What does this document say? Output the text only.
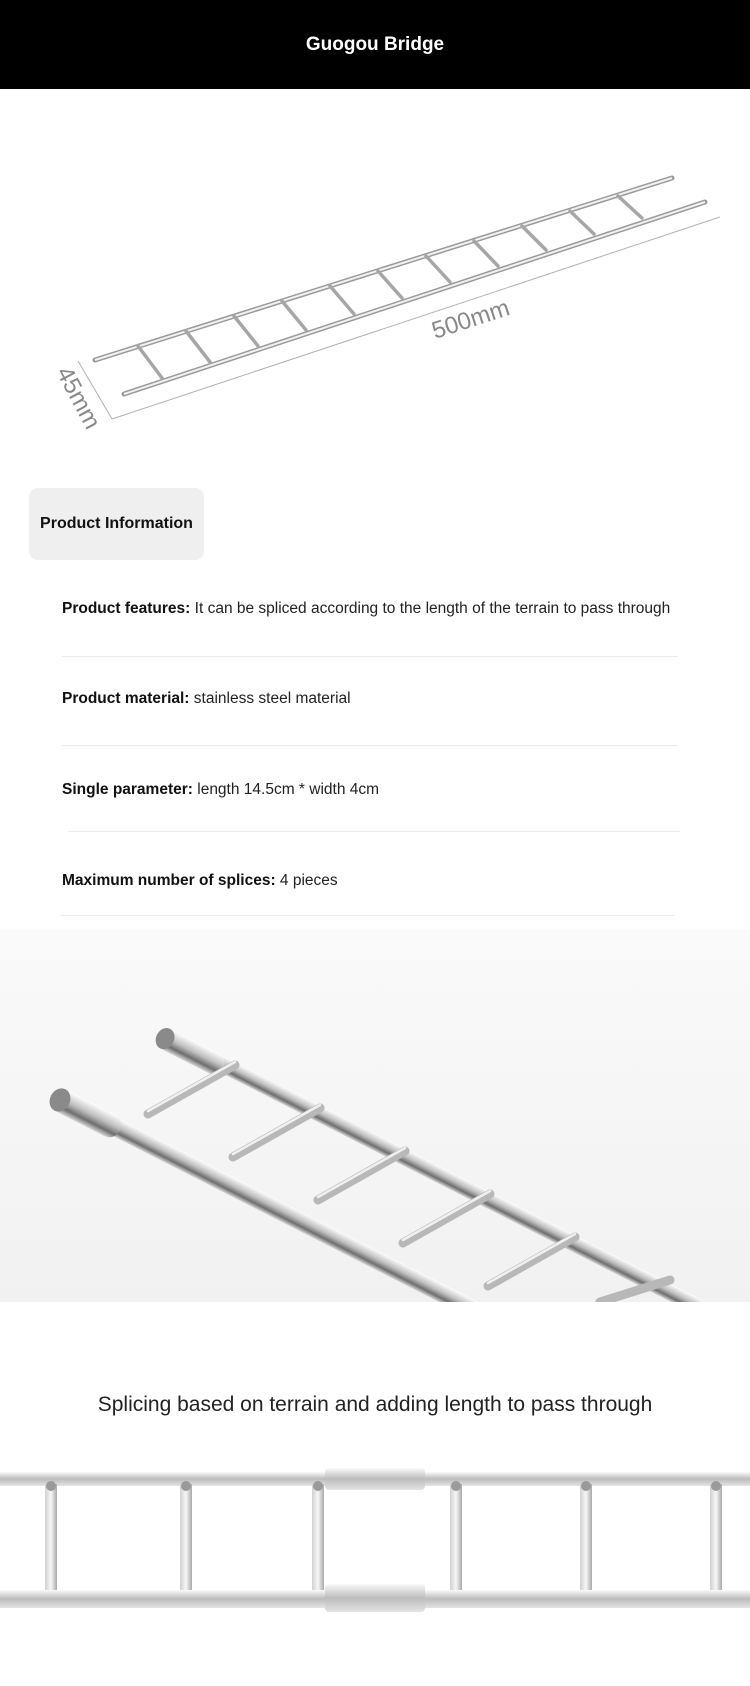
Guogou Bridge
500mm
45mm
Product Information
Product features: It can be spliced according to the length of the terrain to pass through
Product material: stainless steel material
Single parameter: length 14.5cm * width 4cm
Maximum number of splices: 4 pieces
Splicing based on terrain and adding length to pass through
